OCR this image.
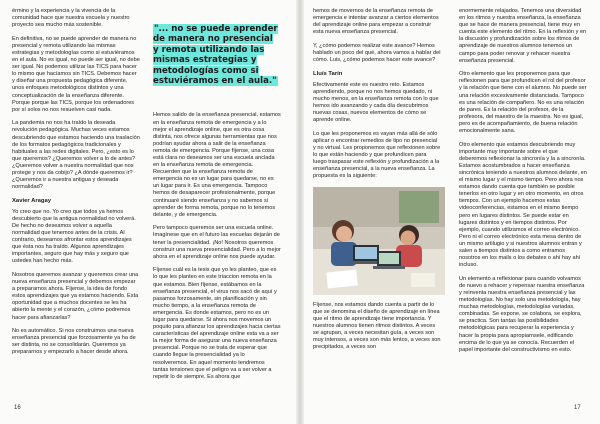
érmino y la experiencia y la vivencia de la comunidad hace que nuestra escuela y nuestro proyecto sea mucho más sostenible.

En definitiva, no se puede aprender de manera no presencial y remota utilizando las mismas estrategias y metodologías como si estuviéramos en el aula. No es igual, no puede ser igual, no debe ser igual. No podemos utilizar las TICS para hacer lo mismo que hacíamos sin TICS. Debemos hacer y diseñar una propuesta pedagógica diferente, unos enfoques metodológicos distintos y una conceptualización de la enseñanza diferente. Porque porque las TICS, porque los ordenadores por sí solos no nos resuelven casi nada.

La pandemia no nos ha traído la deseada revolución pedagógica. Muchas veces estamos descubriendo que estamos haciendo una traslación de los formatos pedagógicos tradicionales y habituales a las redes digitales. Pero, ¿esto es lo que queremos? ¿Queremos volver a lo de antes? ¿Queremos volver a nuestra normalidad que nos protege y nos da cobijo? ¿A dónde queremos ir? ¿Queremos ir a nuestra antigua y deseada normalidad?

Xavier Aragay

Yo creo que no. Yo creo que todos ya hemos descubierto que la antigua normalidad no volverá. De hecho no deseamos volver a aquella normalidad que tenemos antes de la crisis. Al contrario, deseamos afrontar estos aprendizajes que ésta nos ha traído. Algunos aprendizajes importantes, seguro que hay más y seguro que ustedes han hecho más.

Nosotros queremos avanzar y queremos crear una nueva enseñanza presencial y debemos empezar a prepararnos ahora. Fíjense, la idea de fondo estos aprendizajes que ya estamos haciendo. Esta oportunidad que a muchos docentes se les ha abierto la mente y el corazón, ¿cómo podremos hacer para afianzarlas?

No es automático. Si nos construimos una nueva enseñanza presencial que forzosamente ya ha de ser distinta, no se consolidarán. Queremos ya prepararnos y empezarlo a hacer desde ahora.

"... no se puede aprender de manera no presencial y remota utilizando las mismas estrategias y metodologías como si estuviéramos en el aula."

Hemos salido de la enseñanza presencial, estamos en la enseñanza remota de emergencia y a lo mejor el aprendizaje online, que es otra cosa distinta, nos ofrece algunas herramientas que nos podrían ayudar ahora a salir de la enseñanza remota de emergencia. Porque fíjense, una cosa está clara no deseamos ser una escuela anclada en la enseñanza remota de emergencia. Recuerden que la enseñanza remota de emergencia no es un lugar para quedarse, no es un lugar para ir. Es una emergencia. Tampoco hemos de desaparecer profesionalmente, porque continuaré siendo enseñanza y no sabemos si aprender de forma remota, porque no lo tenemos delante, y de emergencia.

Pero tampoco queremos ser una escuela online. Imagínese que en el futuro las escuelas dejarán de tener la presencialidad. ¡No! Nosotros queremos construir una nueva presencialidad. Pero a lo mejor ahora en el aprendizaje online nos puede ayudar.

Fíjense cuál es la tesis que yo les planteo, que es lo que les planteo en este triaccion remota en la que estamos. Bien fíjense, estábamos en la enseñanza presencial, el virus nos sacó de aquí y pasamos forzosamente, sin planificación y sin mucho tiempo, a la enseñanza remota de emergencia. Es donde estamos, pero no es un lugar para quedarse. Si ahora nos movemos un poquito para afianzar los aprendizajes hacia ciertas características del aprendizaje online esta va a ser la mejor forma de asegurar una nueva enseñanza presencial. Porque no se trata de esperar que cuando llegue la presencialidad ya lo resolveremos. En aquel momento tendremos tantas tensiones que el peligro va a ser volver a repetir lo de siempre. Es ahora que

hemos de movernos de la enseñanza remota de emergencia e intentar avanzar a ciertos elementos del aprendizaje online para empezar a construir esta nueva enseñanza presencial.

Y, ¿cómo podemos realizar este avance? Hemos hablado un poco del qué, ahora vamos a hablar del cómo. Luis, ¿cómo podemos hacer este avance?

Lluís Tarín

Efectivamente este es nuestro reto. Estamos aprendiendo, porque no nos hemos quedado, ni mucho menos, en la enseñanza remota con lo que hemos ido avanzando y cada día descubrimos nuevas cosas, nuevos elementos de cómo se aprende online.

Lo que les proponemos es vayan más allá de sólo aplicar o encontrar remedios de tipo no presencial y no virtual. Les proponemos que reflexionen sobre lo que están haciendo y que profundicen para luego traspasar este reflexión y profundización a la enseñanza presencial, a la nueva enseñanza. La propuesta es la siguiente:

Fíjense, nos estamos dando cuenta a partir de lo que se denomina el diseño de aprendizaje en línea que el ritmo de aprendizaje tiene importancia. Y nuestros alumnos tienen ritmos distintos. A veces se agrupan, a veces necesitan guía, a veces son muy intensos, a veces son más lentos, a veces son precipitados, a veces son

enormemente relajados. Tenemos una diversidad en los ritmos y nuestra enseñanza, la enseñanza que se hace de manera presencial, tiene muy en cuenta este elemento del ritmo. En la reflexión y en la discusión y profundización sobre los ritmos de aprendizaje de nuestros alumnos tenemos un campo para poder renovar y rehacer nuestra enseñanza presencial.

Otro elemento que les proponemos para que reflexionen para que profundicen el rol del profesor y la relación que tiene con el alumno. No puede ser una relación excesivamente distanciada. Tampoco es una relación de compañero. No es una relación de pares. Es la relación del profesor, de la profesora, del maestro de la maestra. No es igual, pero es de acompañamiento, de buena relación emocionalmente sana.

Otro elemento que estamos descubriendo muy importante muy importante sobre el que deberemos reflexionar la sincronía y la a sincronía. Estamos acostumbrados a hacer enseñanza sincrónica teniendo a nuestros alumnos delante, en el mismo lugar y el mismo tiempo. Pero ahora nos estamos dando cuenta que también se posible tenerlos en otro lugar y en otro momento, en otros tiempos. Con un ejemplo hacemos estas videoconferencias, estamos en el mismo tiempo pero en lugares distintos. Se puede estar en lugares distintos y en tiempos distintos. Por ejemplo, cuando utilizamos el correo electrónico. Pero ni el correo electrónico esta mesa dentro de un mismo artilugio y si nuestros alumnos entran y salen a tiempos distintos a como entramos nosotros en los mails o los debates o ahí hay ahí incluso.

Un elemento a reflexionar para cuando volvamos de nuevo a rehacer y repensar nuestra enseñanza y reinventa nuestra enseñanza presencial y las metodologías. No hay solo una metodología, hay muchas metodologías, metodologías variadas, combinadas. Se expone, se colabora, se explora, se practica. Son tantas las posibilidades metodológicas para recuperar la experiencia y hacer la propia para apropiarnsele, edificando encima de lo que ya se conocía. Recuerden el papel importante del constructivismo en esto.

16	17
